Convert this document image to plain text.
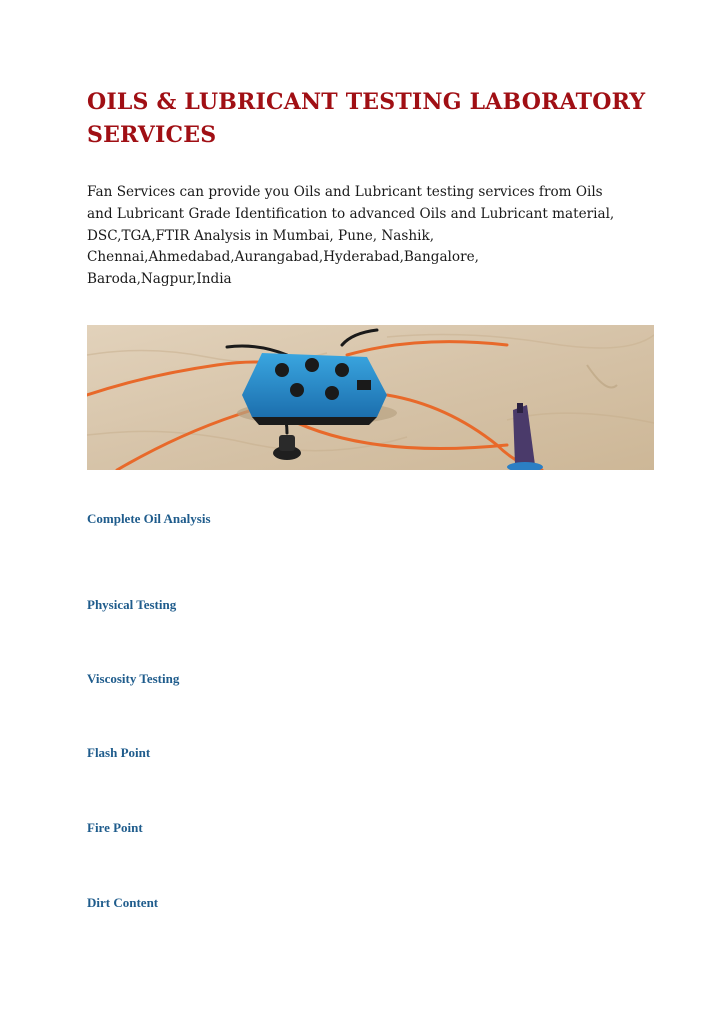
OILS & LUBRICANT TESTING LABORATORY
SERVICES

Fan Services can provide you Oils and Lubricant testing services from Oils
and Lubricant Grade Identification to advanced Oils and Lubricant material,
DSC,TGA,FTIR Analysis in Mumbai, Pune, Nashik,
Chennai,Ahmedabad,Aurangabad,Hyderabad,Bangalore,
Baroda,Nagpur,India

Complete Oil Analysis

Physical Testing

Viscosity Testing

Flash Point

Fire Point

Dirt Content
